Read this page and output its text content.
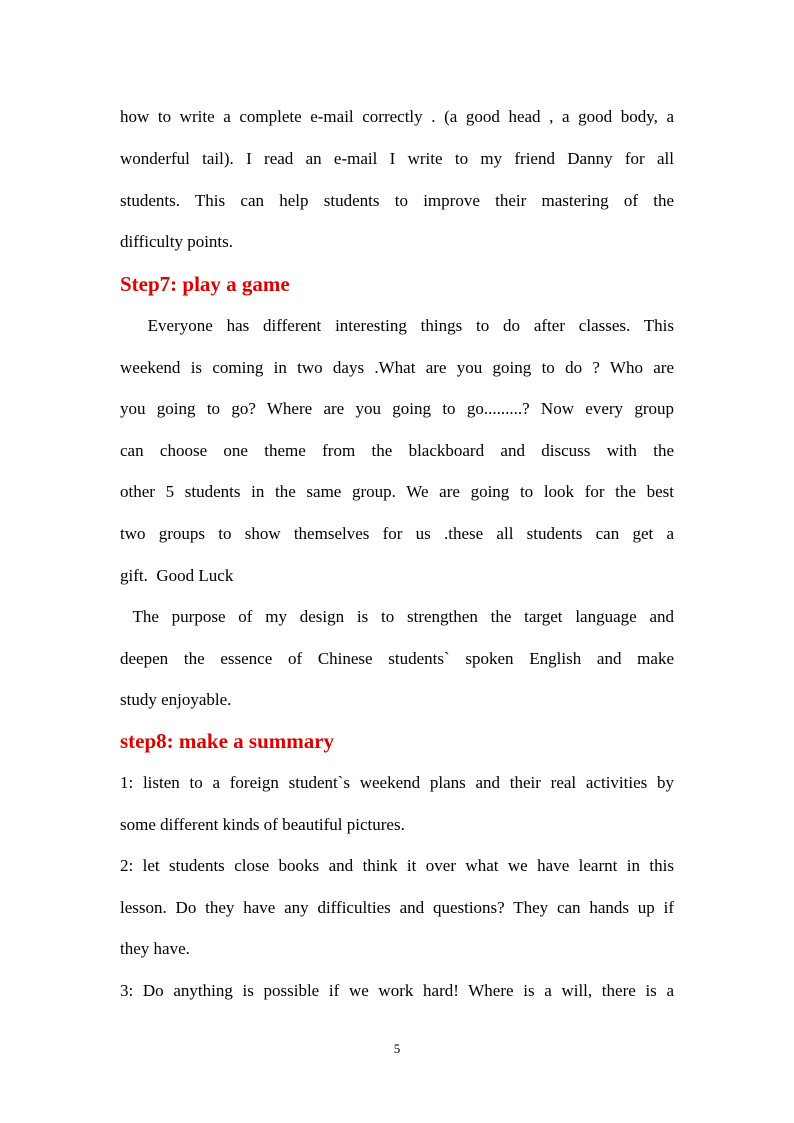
how to write a complete e-mail correctly . (a good head , a good body, a
wonderful tail). I read an e-mail I write to my friend Danny for all
students. This can help students to improve their mastering of the
difficulty points.
Step7: play a game
Everyone has different interesting things to do after classes. This
weekend is coming in two days .What are you going to do ? Who are
you going to go? Where are you going to go.........? Now every group
can choose one theme from the blackboard and discuss with the
other 5 students in the same group. We are going to look for the best
two groups to show themselves for us .these all students can get a
gift.  Good Luck
The purpose of my design is to strengthen the target language and
deepen the essence of Chinese students` spoken English and make
study enjoyable.
step8: make a summary
1: listen to a foreign student`s weekend plans and their real activities by
some different kinds of beautiful pictures.
2: let students close books and think it over what we have learnt in this
lesson. Do they have any difficulties and questions? They can hands up if
they have.
3: Do anything is possible if we work hard! Where is a will, there is a
5
